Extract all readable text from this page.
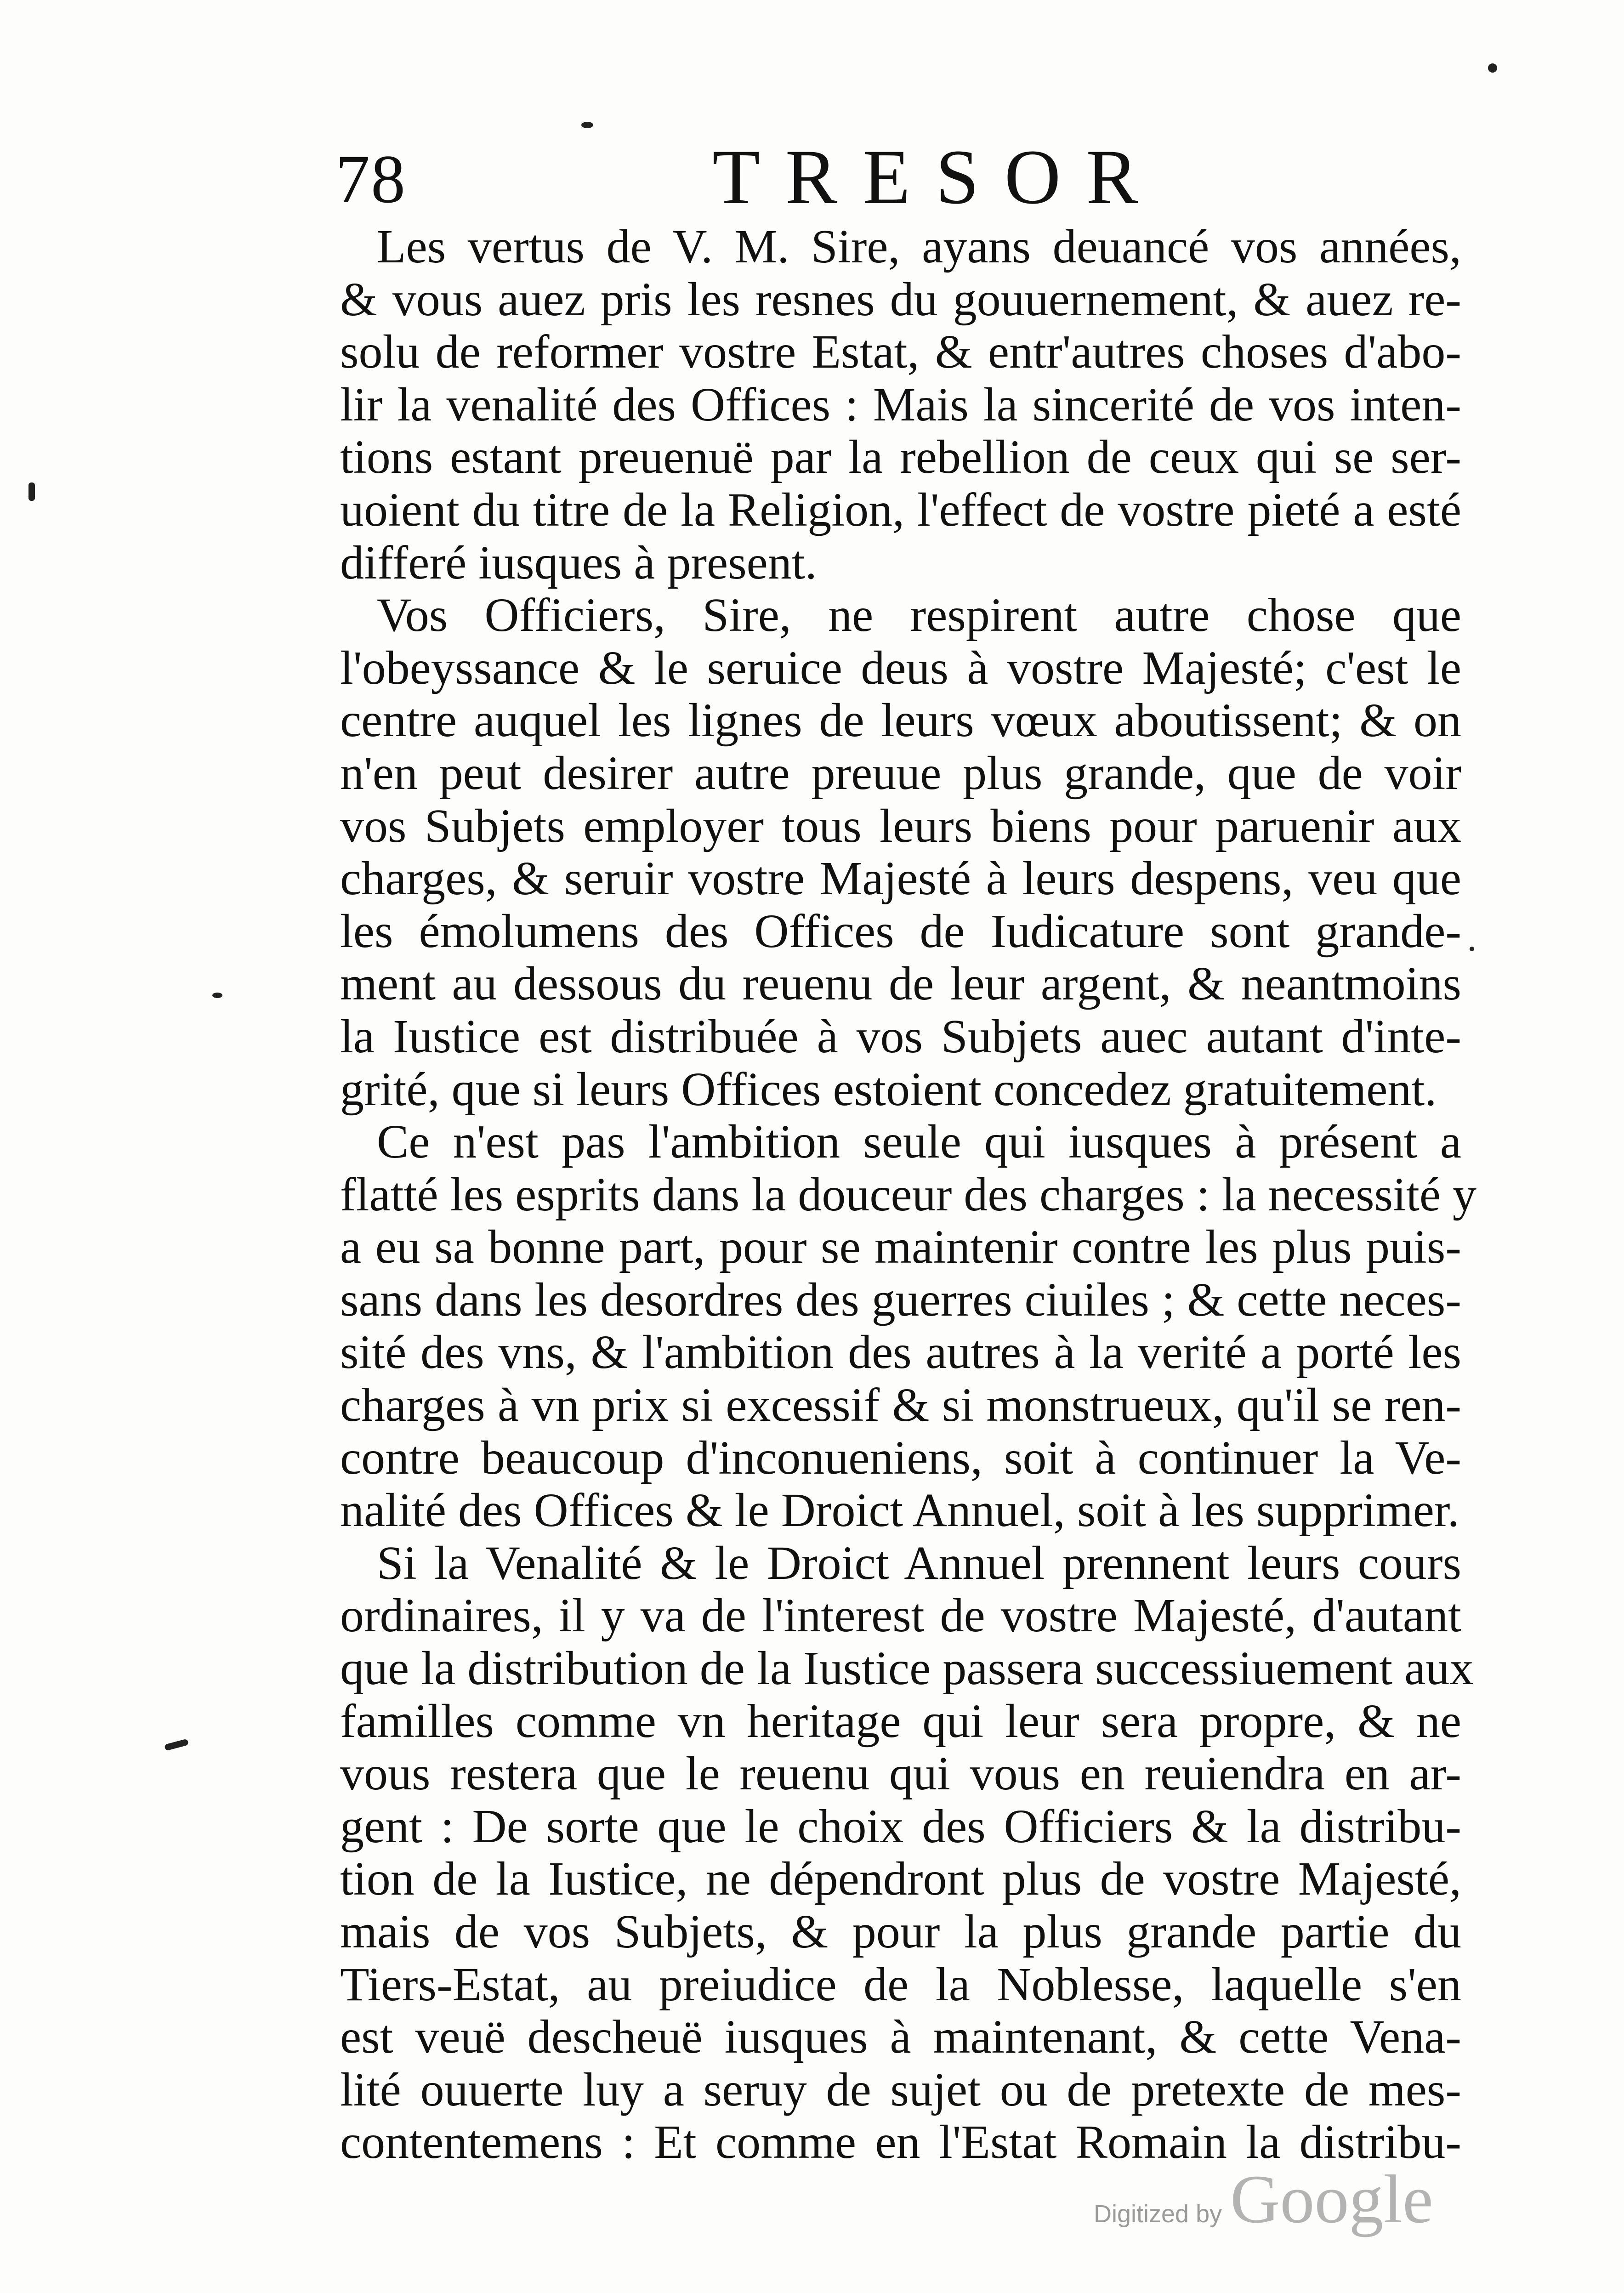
78	TRESOR
Les vertus de V. M. Sire, ayans deuancé vos années,
& vous auez pris les resnes du gouuernement, & auez re-
solu de reformer vostre Estat, & entr'autres choses d'abo-
lir la venalité des Offices : Mais la sincerité de vos inten-
tions estant preuenuë par la rebellion de ceux qui se ser-
uoient du titre de la Religion, l'effect de vostre pieté a esté
differé iusques à present.
Vos Officiers, Sire, ne respirent autre chose que
l'obeyssance & le seruice deus à vostre Majesté; c'est le
centre auquel les lignes de leurs vœux aboutissent; & on
n'en peut desirer autre preuue plus grande, que de voir
vos Subjets employer tous leurs biens pour paruenir aux
charges, & seruir vostre Majesté à leurs despens, veu que
les émolumens des Offices de Iudicature sont grande-
ment au dessous du reuenu de leur argent, & neantmoins
la Iustice est distribuée à vos Subjets auec autant d'inte-
grité, que si leurs Offices estoient concedez gratuitement.
Ce n'est pas l'ambition seule qui iusques à présent a
flatté les esprits dans la douceur des charges : la necessité y
a eu sa bonne part, pour se maintenir contre les plus puis-
sans dans les desordres des guerres ciuiles ; & cette neces-
sité des vns, & l'ambition des autres à la verité a porté les
charges à vn prix si excessif & si monstrueux, qu'il se ren-
contre beaucoup d'inconueniens, soit à continuer la Ve-
nalité des Offices & le Droict Annuel, soit à les supprimer.
Si la Venalité & le Droict Annuel prennent leurs cours
ordinaires, il y va de l'interest de vostre Majesté, d'autant
que la distribution de la Iustice passera successiuement aux
familles comme vn heritage qui leur sera propre, & ne
vous restera que le reuenu qui vous en reuiendra en ar-
gent : De sorte que le choix des Officiers & la distribu-
tion de la Iustice, ne dépendront plus de vostre Majesté,
mais de vos Subjets, & pour la plus grande partie du
Tiers-Estat, au preiudice de la Noblesse, laquelle s'en
est veuë descheuë iusques à maintenant, & cette Vena-
lité ouuerte luy a seruy de sujet ou de pretexte de mes-
contentemens : Et comme en l'Estat Romain la distribu-
Digitized by Google
